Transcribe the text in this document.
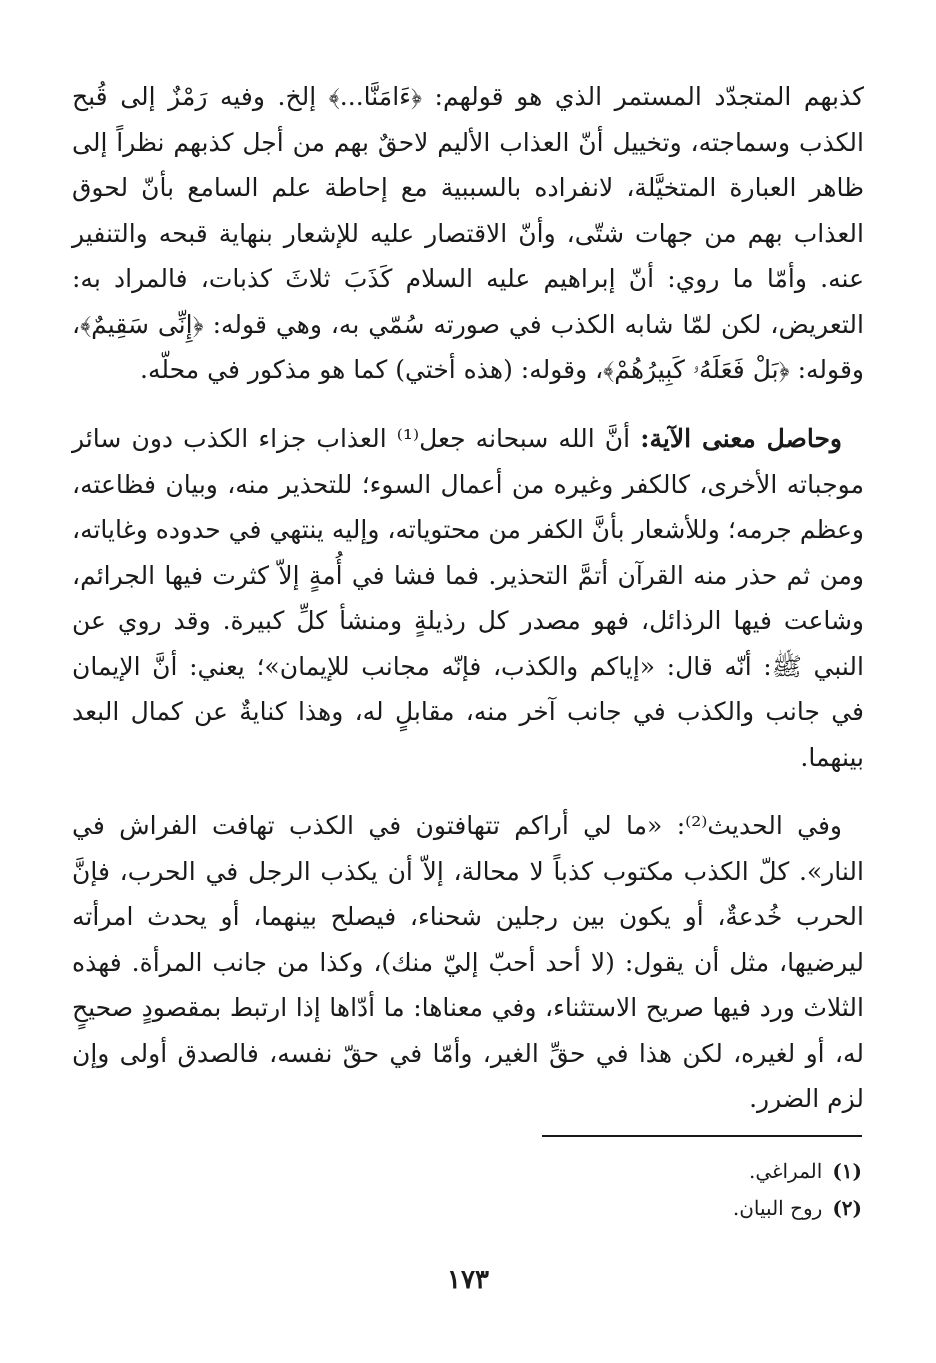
كذبهم المتجدّد المستمر الذي هو قولهم: ﴿ءَامَنَّا...﴾ إلخ. وفيه رَمْزٌ إلى قُبح الكذب وسماجته، وتخييل أنّ العذاب الأليم لاحقٌ بهم من أجل كذبهم نظراً إلى ظاهر العبارة المتخيَّلة، لانفراده بالسببية مع إحاطة علم السامع بأنّ لحوق العذاب بهم من جهات شتّى، وأنّ الاقتصار عليه للإشعار بنهاية قبحه والتنفير عنه. وأمّا ما روي: أنّ إبراهيم عليه السلام كَذَبَ ثلاثَ كذبات، فالمراد به: التعريض، لكن لمّا شابه الكذب في صورته سُمّي به، وهي قوله: ﴿إِنِّى سَقِيمٌ﴾، وقوله: ﴿بَلْ فَعَلَهُۥ كَبِيرُهُمْ﴾، وقوله: (هذه أختي) كما هو مذكور في محلّه.

وحاصل معنى الآية: أنَّ الله سبحانه جعل⁽¹⁾ العذاب جزاء الكذب دون سائر موجباته الأخرى، كالكفر وغيره من أعمال السوء؛ للتحذير منه، وبيان فظاعته، وعظم جرمه؛ وللأشعار بأنَّ الكفر من محتوياته، وإليه ينتهي في حدوده وغاياته، ومن ثم حذر منه القرآن أتمَّ التحذير. فما فشا في أُمةٍ إلاّ كثرت فيها الجرائم، وشاعت فيها الرذائل، فهو مصدر كل رذيلةٍ ومنشأ كلِّ كبيرة. وقد روي عن النبي ﷺ: أنّه قال: «إياكم والكذب، فإنّه مجانب للإيمان»؛ يعني: أنَّ الإيمان في جانب والكذب في جانب آخر منه، مقابلٍ له، وهذا كنايةٌ عن كمال البعد بينهما.

وفي الحديث⁽²⁾: «ما لي أراكم تتهافتون في الكذب تهافت الفراش في النار». كلّ الكذب مكتوب كذباً لا محالة، إلاّ أن يكذب الرجل في الحرب، فإنَّ الحرب خُدعةٌ، أو يكون بين رجلين شحناء، فيصلح بينهما، أو يحدث امرأته ليرضيها، مثل أن يقول: (لا أحد أحبّ إليّ منك)، وكذا من جانب المرأة. فهذه الثلاث ورد فيها صريح الاستثناء، وفي معناها: ما أدّاها إذا ارتبط بمقصودٍ صحيحٍ له، أو لغيره، لكن هذا في حقِّ الغير، وأمّا في حقّ نفسه، فالصدق أولى وإن لزم الضرر.

(١)المراغي.
(٢)روح البيان.
١٧٣
